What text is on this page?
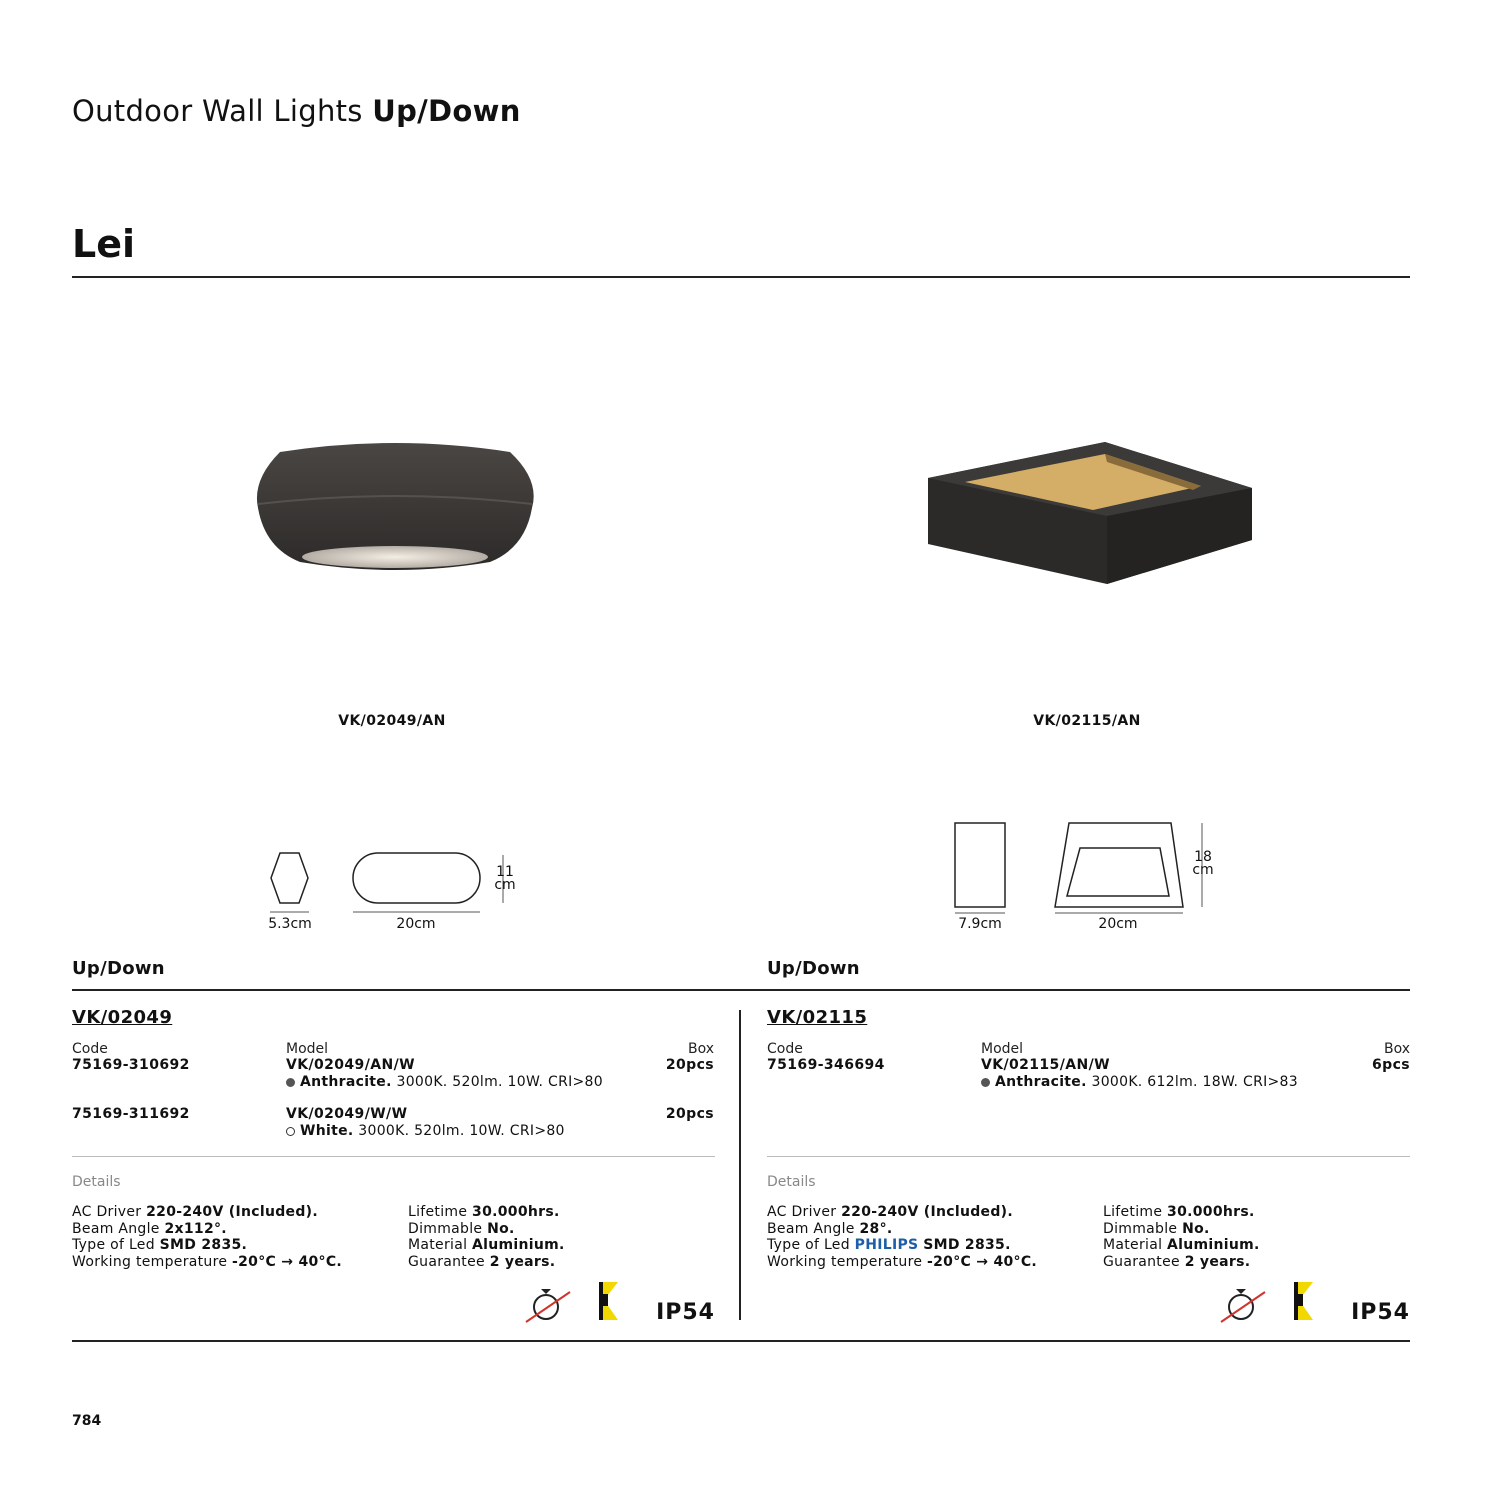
Outdoor Wall Lights Up/Down
Lei
VK/02049/AN	VK/02115/AN
5.3cm	20cm
11
cm
7.9cm	20cm
18
cm
Up/Down	Up/Down
VK/02049
Code	Model	Box
75169-310692	VK/02049/AN/W	20pcs
Anthracite. 3000K. 520lm. 10W. CRI>80
75169-311692	VK/02049/W/W	20pcs
White. 3000K. 520lm. 10W. CRI>80
Details
AC Driver 220-240V (Included).
Beam Angle 2x112°.
Type of Led SMD 2835.
Working temperature -20°C → 40°C.
Lifetime 30.000hrs.
Dimmable No.
Material Aluminium.
Guarantee 2 years.
IP54
VK/02115
Code	Model	Box
75169-346694	VK/02115/AN/W	6pcs
Anthracite. 3000K. 612lm. 18W. CRI>83
Details
AC Driver 220-240V (Included).
Beam Angle 28°.
Type of Led PHILIPS SMD 2835.
Working temperature -20°C → 40°C.
Lifetime 30.000hrs.
Dimmable No.
Material Aluminium.
Guarantee 2 years.
IP54
784
